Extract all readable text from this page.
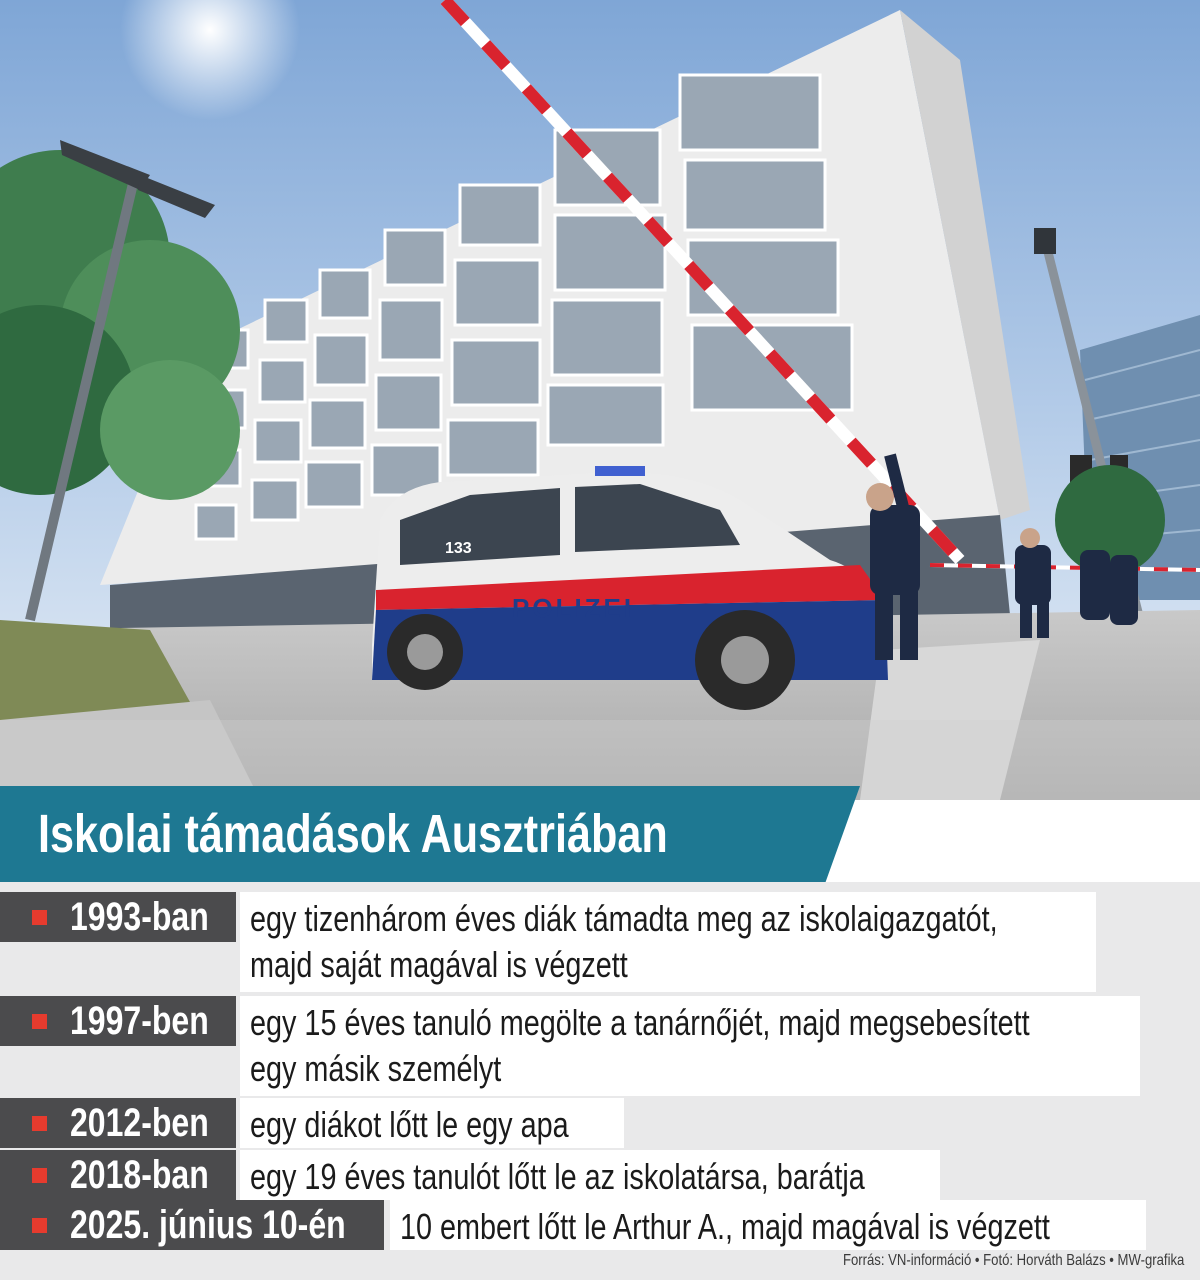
POLIZEI
133
Iskolai támadások Ausztriában
1993-ban egy tizenhárom éves diák támadta meg az iskolaigazgatót,
majd saját magával is végzett
1997-ben egy 15 éves tanuló megölte a tanárnőjét, majd megsebesített
egy másik személyt
2012-ben egy diákot lőtt le egy apa
2018-ban egy 19 éves tanulót lőtt le az iskolatársa, barátja
2025. június 10-én 10 embert lőtt le Arthur A., majd magával is végzett
Forrás: VN-információ • Fotó: Horváth Balázs • MW-grafika
